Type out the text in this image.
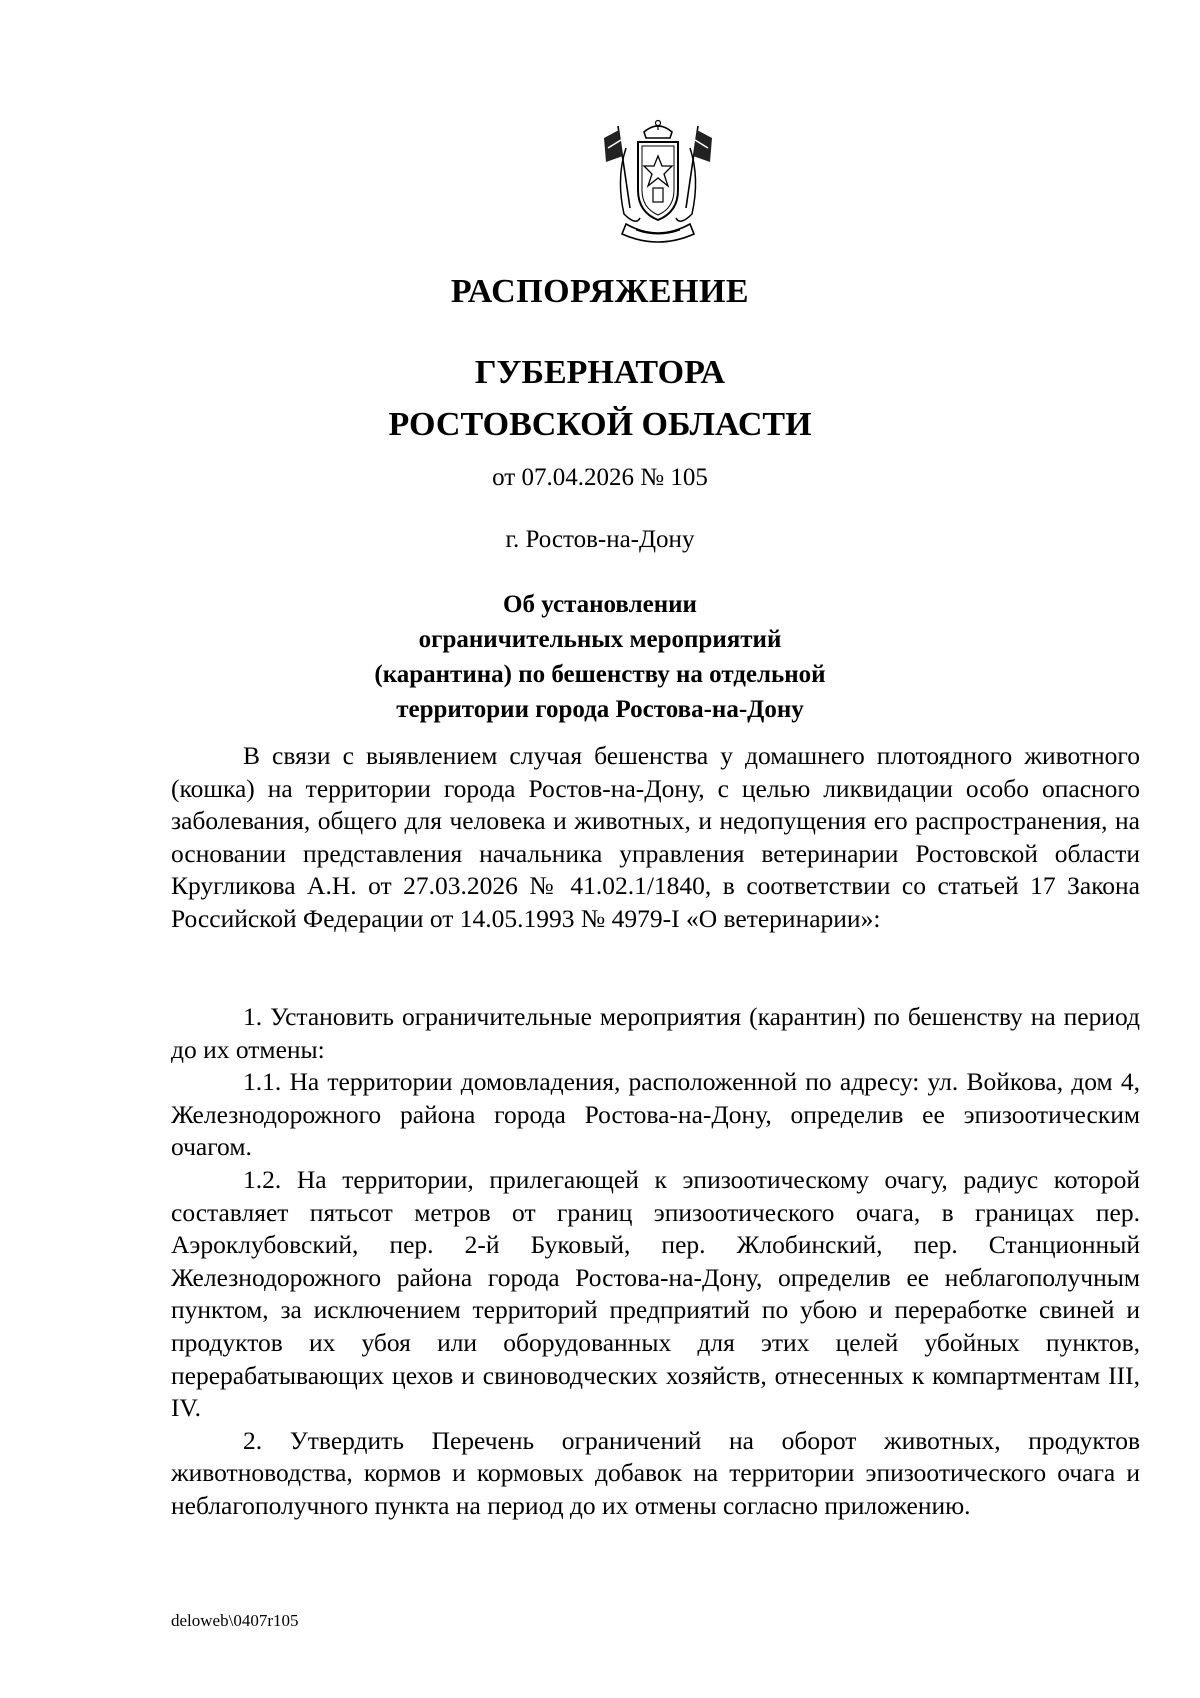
РАСПОРЯЖЕНИЕ
ГУБЕРНАТОРА
РОСТОВСКОЙ ОБЛАСТИ
от 07.04.2026 № 105
г. Ростов-на-Дону
Об установлении
ограничительных мероприятий
(карантина) по бешенству на отдельной
территории города Ростова-на-Дону

В связи с выявлением случая бешенства у домашнего плотоядного животного (кошка) на территории города Ростов-на-Дону, с целью ликвидации особо опасного заболевания, общего для человека и животных, и недопущения его распространения, на основании представления начальника управления ветеринарии Ростовской области Кругликова А.Н. от 27.03.2026 № 41.02.1/1840, в соответствии со статьей 17 Закона Российской Федерации от 14.05.1993 № 4979-I «О ветеринарии»:

1. Установить ограничительные мероприятия (карантин) по бешенству на период до их отмены:

1.1. На территории домовладения, расположенной по адресу: ул. Войкова, дом 4, Железнодорожного района города Ростова-на-Дону, определив ее эпизоотическим очагом.

1.2. На территории, прилегающей к эпизоотическому очагу, радиус которой составляет пятьсот метров от границ эпизоотического очага, в границах пер. Аэроклубовский, пер. 2-й Буковый, пер. Жлобинский, пер. Станционный Железнодорожного района города Ростова-на-Дону, определив ее неблагополучным пунктом, за исключением территорий предприятий по убою и переработке свиней и продуктов их убоя или оборудованных для этих целей убойных пунктов, перерабатывающих цехов и свиноводческих хозяйств, отнесенных к компартментам III, IV.

2. Утвердить Перечень ограничений на оборот животных, продуктов животноводства, кормов и кормовых добавок на территории эпизоотического очага и неблагополучного пункта на период до их отмены согласно приложению.

deloweb\0407r105
